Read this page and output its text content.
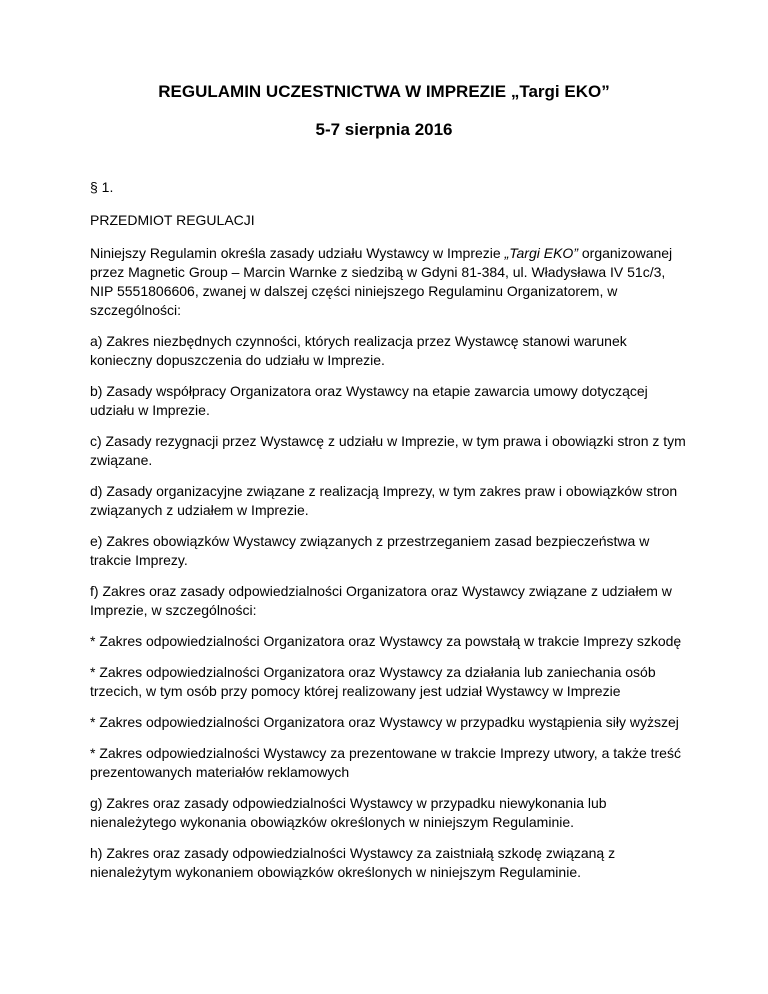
REGULAMIN UCZESTNICTWA W IMPREZIE „Targi EKO”
5-7 sierpnia 2016

§ 1.

PRZEDMIOT REGULACJI

Niniejszy Regulamin określa zasady udziału Wystawcy w Imprezie „Targi EKO” organizowanej przez Magnetic Group – Marcin Warnke z siedzibą w Gdyni 81-384, ul. Władysława IV 51c/3, NIP 5551806606, zwanej w dalszej części niniejszego Regulaminu Organizatorem, w szczególności:

a) Zakres niezbędnych czynności, których realizacja przez Wystawcę stanowi warunek konieczny dopuszczenia do udziału w Imprezie.

b) Zasady współpracy Organizatora oraz Wystawcy na etapie zawarcia umowy dotyczącej udziału w Imprezie.

c) Zasady rezygnacji przez Wystawcę z udziału w Imprezie, w tym prawa i obowiązki stron z tym związane.

d) Zasady organizacyjne związane z realizacją Imprezy, w tym zakres praw i obowiązków stron związanych z udziałem w Imprezie.

e) Zakres obowiązków Wystawcy związanych z przestrzeganiem zasad bezpieczeństwa w trakcie Imprezy.

f) Zakres oraz zasady odpowiedzialności Organizatora oraz Wystawcy związane z udziałem w Imprezie, w szczególności:

* Zakres odpowiedzialności Organizatora oraz Wystawcy za powstałą w trakcie Imprezy szkodę

* Zakres odpowiedzialności Organizatora oraz Wystawcy za działania lub zaniechania osób trzecich, w tym osób przy pomocy której realizowany jest udział Wystawcy w Imprezie

* Zakres odpowiedzialności Organizatora oraz Wystawcy w przypadku wystąpienia siły wyższej

* Zakres odpowiedzialności Wystawcy za prezentowane w trakcie Imprezy utwory, a także treść prezentowanych materiałów reklamowych

g) Zakres oraz zasady odpowiedzialności Wystawcy w przypadku niewykonania lub nienależytego wykonania obowiązków określonych w niniejszym Regulaminie.

h) Zakres oraz zasady odpowiedzialności Wystawcy za zaistniałą szkodę związaną z nienależytym wykonaniem obowiązków określonych w niniejszym Regulaminie.
